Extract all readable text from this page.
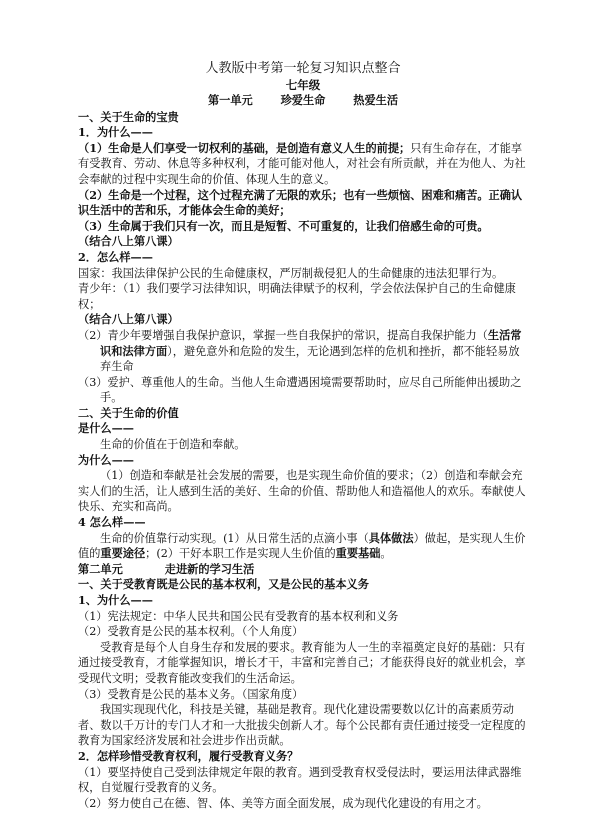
人教版中考第一轮复习知识点整合

七年级

第一单元 珍爱生命 热爱生活

一、关于生命的宝贵

1．为什么——

（1）生命是人们享受一切权利的基础，是创造有意义人生的前提；只有生命存在，才能享有受教育、劳动、休息等多种权利，才能可能对他人，对社会有所贡献，并在为他人、为社会奉献的过程中实现生命的价值、体现人生的意义。

（2）生命是一个过程，这个过程充满了无限的欢乐；也有一些烦恼、困难和痛苦。正确认识生活中的苦和乐，才能体会生命的美好；

（3）生命属于我们只有一次，而且是短暂、不可重复的，让我们倍感生命的可贵。

（结合八上第八课）

2．怎么样——

国家：我国法律保护公民的生命健康权，严厉制裁侵犯人的生命健康的违法犯罪行为。

青少年：（1）我们要学习法律知识，明确法律赋予的权利，学会依法保护自己的生命健康权；

（结合八上第八课）

（2）青少年要增强自我保护意识，掌握一些自我保护的常识，提高自我保护能力（生活常识和法律方面），避免意外和危险的发生，无论遇到怎样的危机和挫折，都不能轻易放弃生命

（3）爱护、尊重他人的生命。当他人生命遭遇困境需要帮助时，应尽自己所能伸出援助之手。

二、关于生命的价值

是什么——

生命的价值在于创造和奉献。

为什么——

（1）创造和奉献是社会发展的需要，也是实现生命价值的要求；（2）创造和奉献会充实人们的生活，让人感到生活的美好、生命的价值、帮助他人和造福他人的欢乐。奉献使人快乐、充实和高尚。

4 怎么样——

生命的价值靠行动实现。(1）从日常生活的点滴小事（具体做法）做起，是实现人生价值的重要途径；(2）干好本职工作是实现人生价值的重要基础。

第二单元	走进新的学习生活

一、关于受教育既是公民的基本权利，又是公民的基本义务

1、为什么——

（1）宪法规定：中华人民共和国公民有受教育的基本权利和义务

（2）受教育是公民的基本权利。（个人角度）

受教育是每个人自身生存和发展的要求。教育能为人一生的幸福奠定良好的基础：只有通过接受教育，才能掌握知识，增长才干，丰富和完善自己；才能获得良好的就业机会，享受现代文明；受教育能改变我们的生活命运。

（3）受教育是公民的基本义务。（国家角度）

我国实现现代化，科技是关键，基础是教育。现代化建设需要数以亿计的高素质劳动者、数以千万计的专门人才和一大批拔尖创新人才。每个公民都有责任通过接受一定程度的教育为国家经济发展和社会进步作出贡献。

2．怎样珍惜受教育权利，履行受教育义务？

（1）要坚持使自己受到法律规定年限的教育。遇到受教育权受侵法时，要运用法律武器维权，自觉履行受教育的义务。

（2）努力使自己在德、智、体、美等方面全面发展，成为现代化建设的有用之才。
